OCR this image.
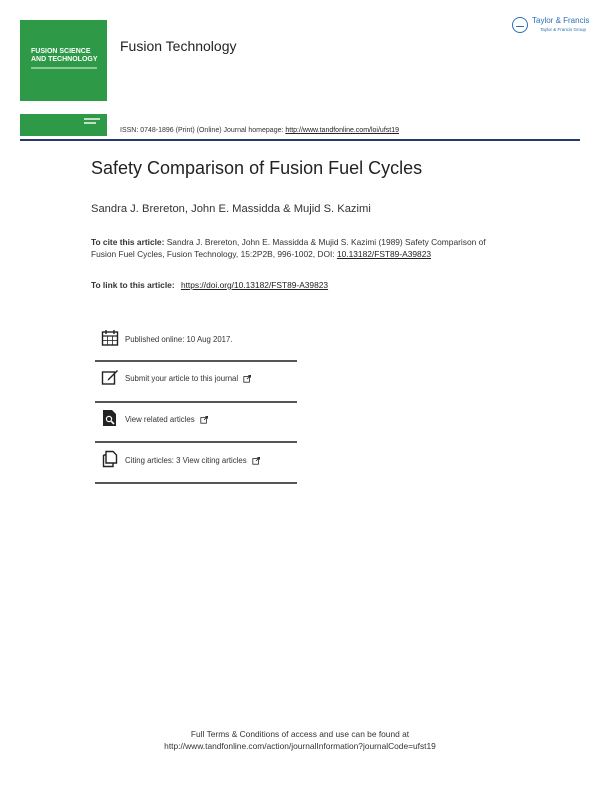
FUSION SCIENCE AND TECHNOLOGY
Fusion Technology
Taylor & Francis
Taylor & Francis Group
ISSN: 0748-1896 (Print) (Online) Journal homepage: http://www.tandfonline.com/loi/ufst19
Safety Comparison of Fusion Fuel Cycles
Sandra J. Brereton, John E. Massidda & Mujid S. Kazimi
To cite this article: Sandra J. Brereton, John E. Massidda & Mujid S. Kazimi (1989) Safety Comparison of Fusion Fuel Cycles, Fusion Technology, 15:2P2B, 996-1002, DOI: 10.13182/FST89-A39823
To link to this article: https://doi.org/10.13182/FST89-A39823
Published online: 10 Aug 2017.
Submit your article to this journal
View related articles
Citing articles: 3 View citing articles
Full Terms & Conditions of access and use can be found at
http://www.tandfonline.com/action/journalInformation?journalCode=ufst19
